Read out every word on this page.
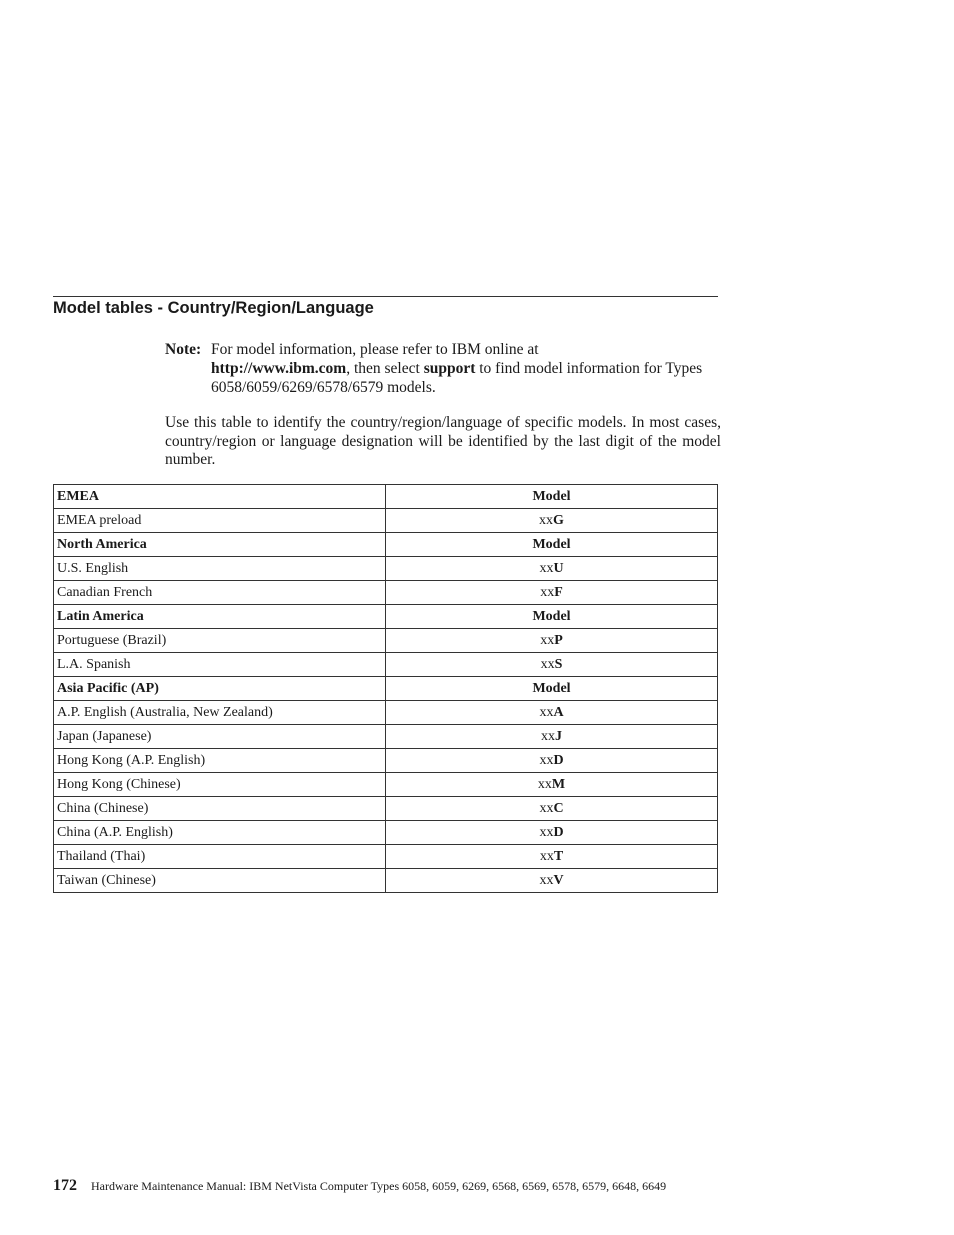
Model tables - Country/Region/Language
Note: For model information, please refer to IBM online at
http://www.ibm.com, then select support to find model information for Types 6058/6059/6269/6578/6579 models.

Use this table to identify the country/region/language of specific models. In most cases, country/region or language designation will be identified by the last digit of the model number.

EMEA	Model
EMEA preload	xxG
North America	Model
U.S. English	xxU
Canadian French	xxF
Latin America	Model
Portuguese (Brazil)	xxP
L.A. Spanish	xxS
Asia Pacific (AP)	Model
A.P. English (Australia, New Zealand)	xxA
Japan (Japanese)	xxJ
Hong Kong (A.P. English)	xxD
Hong Kong (Chinese)	xxM
China (Chinese)	xxC
China (A.P. English)	xxD
Thailand (Thai)	xxT
Taiwan (Chinese)	xxV
172 Hardware Maintenance Manual: IBM NetVista Computer Types 6058, 6059, 6269, 6568, 6569, 6578, 6579, 6648, 6649
